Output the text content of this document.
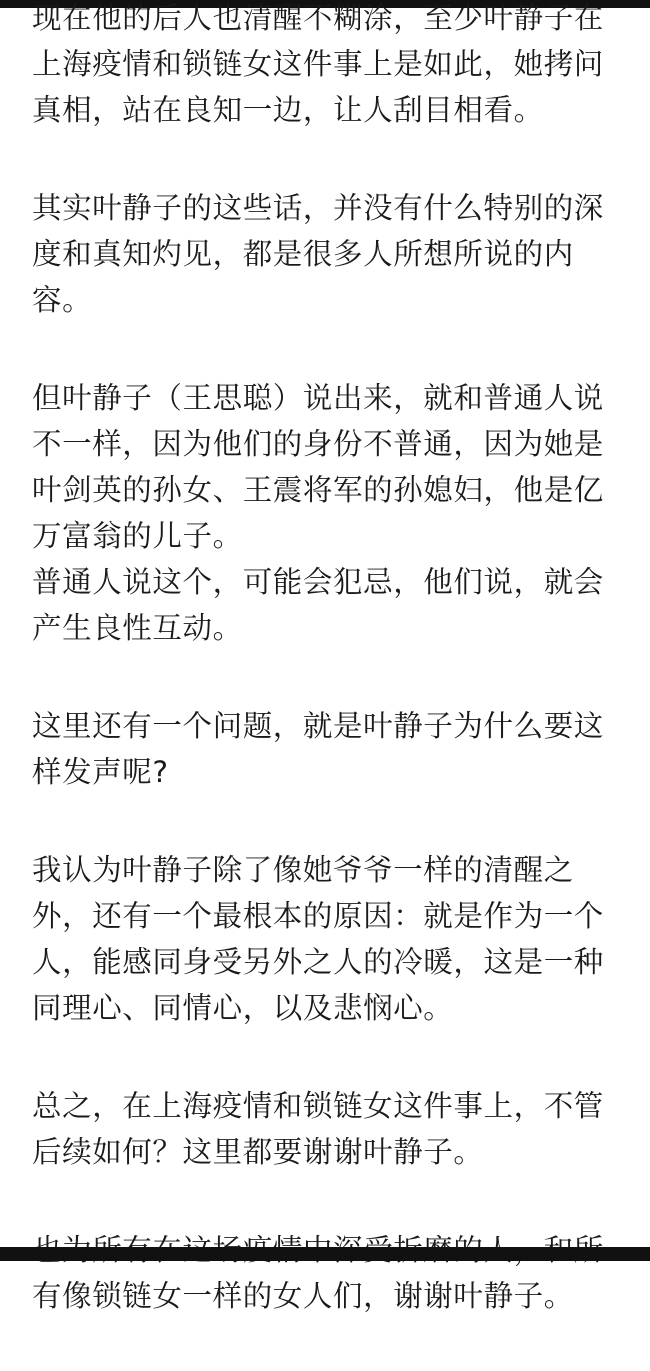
现在他的后人也清醒不糊涂，至少叶静子在上海疫情和锁链女这件事上是如此，她拷问真相，站在良知一边，让人刮目相看。

其实叶静子的这些话，并没有什么特别的深度和真知灼见，都是很多人所想所说的内容。

但叶静子（王思聪）说出来，就和普通人说不一样，因为他们的身份不普通，因为她是叶剑英的孙女、王震将军的孙媳妇，他是亿万富翁的儿子。

普通人说这个，可能会犯忌，他们说，就会产生良性互动。

这里还有一个问题，就是叶静子为什么要这样发声呢?

我认为叶静子除了像她爷爷一样的清醒之外，还有一个最根本的原因：就是作为一个人，能感同身受另外之人的冷暖，这是一种同理心、同情心，以及悲悯心。

总之，在上海疫情和锁链女这件事上，不管后续如何？这里都要谢谢叶静子。

有像锁链女一样的女人们，谢谢叶静子。
